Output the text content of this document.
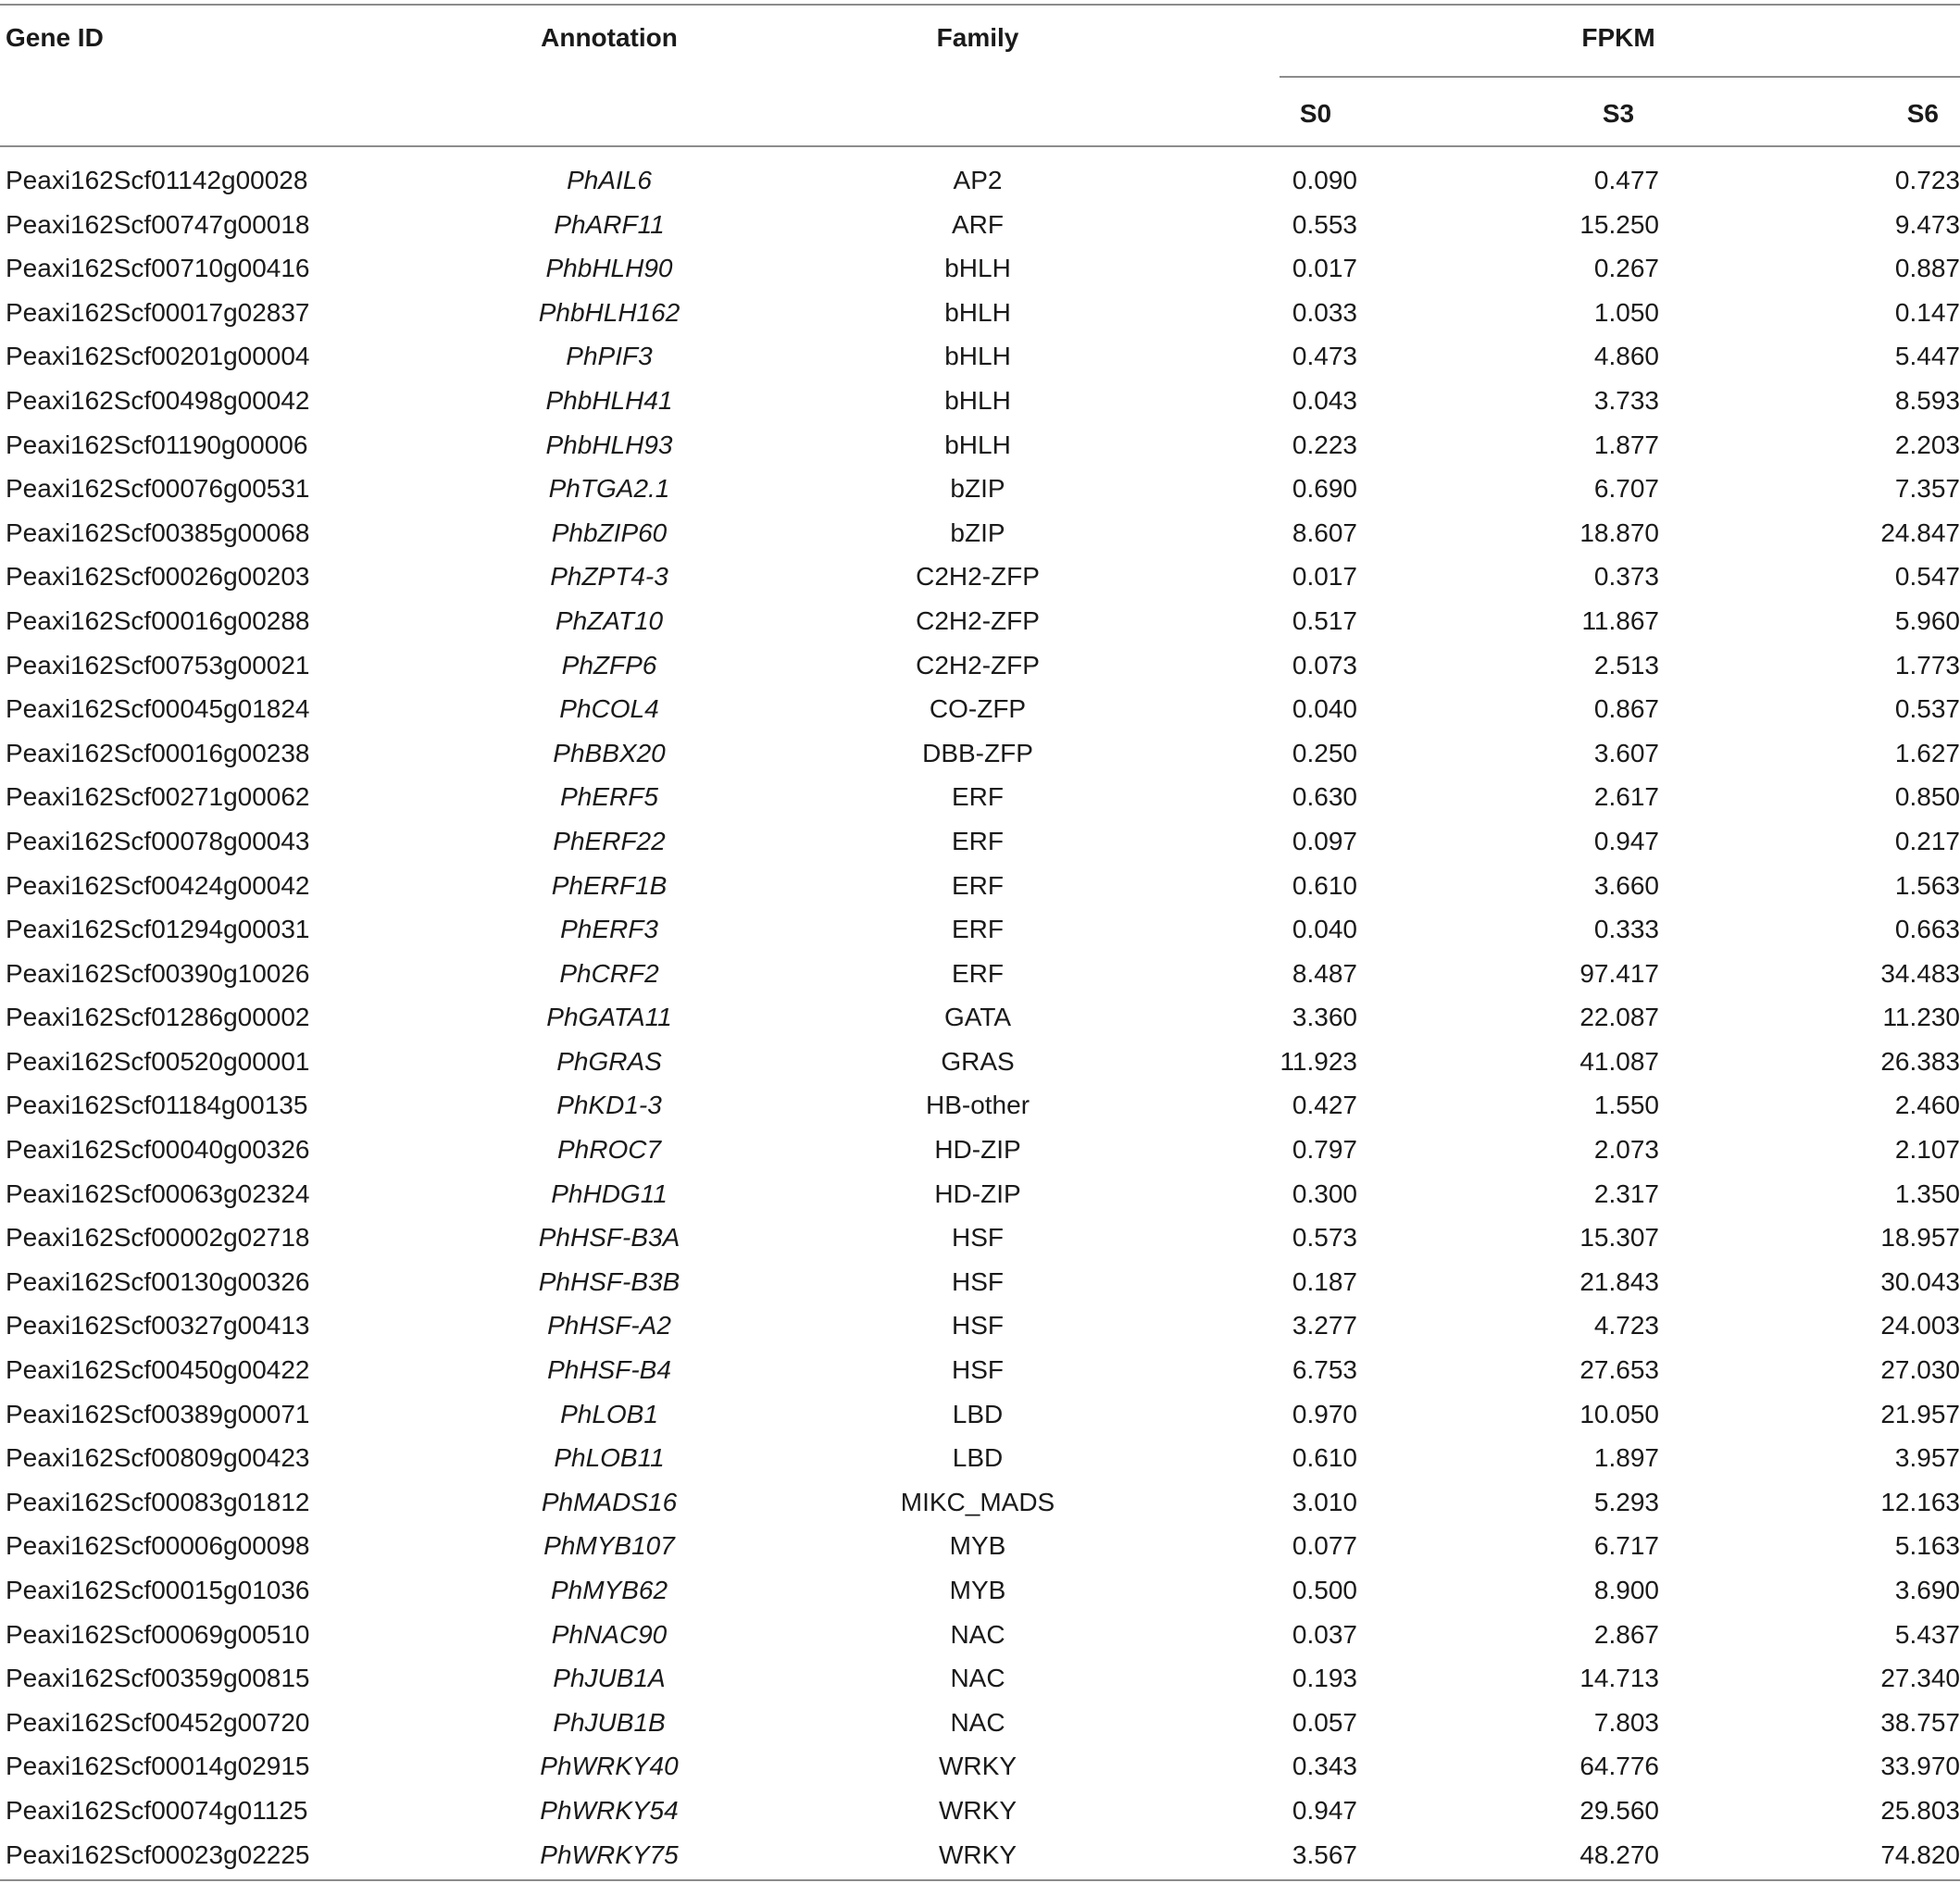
Gene ID	Annotation	Family	FPKM
S0	S3	S6
Peaxi162Scf01142g00028	PhAIL6	AP2	0.090	0.477	0.723
Peaxi162Scf00747g00018	PhARF11	ARF	0.553	15.250	9.473
Peaxi162Scf00710g00416	PhbHLH90	bHLH	0.017	0.267	0.887
Peaxi162Scf00017g02837	PhbHLH162	bHLH	0.033	1.050	0.147
Peaxi162Scf00201g00004	PhPIF3	bHLH	0.473	4.860	5.447
Peaxi162Scf00498g00042	PhbHLH41	bHLH	0.043	3.733	8.593
Peaxi162Scf01190g00006	PhbHLH93	bHLH	0.223	1.877	2.203
Peaxi162Scf00076g00531	PhTGA2.1	bZIP	0.690	6.707	7.357
Peaxi162Scf00385g00068	PhbZIP60	bZIP	8.607	18.870	24.847
Peaxi162Scf00026g00203	PhZPT4-3	C2H2-ZFP	0.017	0.373	0.547
Peaxi162Scf00016g00288	PhZAT10	C2H2-ZFP	0.517	11.867	5.960
Peaxi162Scf00753g00021	PhZFP6	C2H2-ZFP	0.073	2.513	1.773
Peaxi162Scf00045g01824	PhCOL4	CO-ZFP	0.040	0.867	0.537
Peaxi162Scf00016g00238	PhBBX20	DBB-ZFP	0.250	3.607	1.627
Peaxi162Scf00271g00062	PhERF5	ERF	0.630	2.617	0.850
Peaxi162Scf00078g00043	PhERF22	ERF	0.097	0.947	0.217
Peaxi162Scf00424g00042	PhERF1B	ERF	0.610	3.660	1.563
Peaxi162Scf01294g00031	PhERF3	ERF	0.040	0.333	0.663
Peaxi162Scf00390g10026	PhCRF2	ERF	8.487	97.417	34.483
Peaxi162Scf01286g00002	PhGATA11	GATA	3.360	22.087	11.230
Peaxi162Scf00520g00001	PhGRAS	GRAS	11.923	41.087	26.383
Peaxi162Scf01184g00135	PhKD1-3	HB-other	0.427	1.550	2.460
Peaxi162Scf00040g00326	PhROC7	HD-ZIP	0.797	2.073	2.107
Peaxi162Scf00063g02324	PhHDG11	HD-ZIP	0.300	2.317	1.350
Peaxi162Scf00002g02718	PhHSF-B3A	HSF	0.573	15.307	18.957
Peaxi162Scf00130g00326	PhHSF-B3B	HSF	0.187	21.843	30.043
Peaxi162Scf00327g00413	PhHSF-A2	HSF	3.277	4.723	24.003
Peaxi162Scf00450g00422	PhHSF-B4	HSF	6.753	27.653	27.030
Peaxi162Scf00389g00071	PhLOB1	LBD	0.970	10.050	21.957
Peaxi162Scf00809g00423	PhLOB11	LBD	0.610	1.897	3.957
Peaxi162Scf00083g01812	PhMADS16	MIKC_MADS	3.010	5.293	12.163
Peaxi162Scf00006g00098	PhMYB107	MYB	0.077	6.717	5.163
Peaxi162Scf00015g01036	PhMYB62	MYB	0.500	8.900	3.690
Peaxi162Scf00069g00510	PhNAC90	NAC	0.037	2.867	5.437
Peaxi162Scf00359g00815	PhJUB1A	NAC	0.193	14.713	27.340
Peaxi162Scf00452g00720	PhJUB1B	NAC	0.057	7.803	38.757
Peaxi162Scf00014g02915	PhWRKY40	WRKY	0.343	64.776	33.970
Peaxi162Scf00074g01125	PhWRKY54	WRKY	0.947	29.560	25.803
Peaxi162Scf00023g02225	PhWRKY75	WRKY	3.567	48.270	74.820
